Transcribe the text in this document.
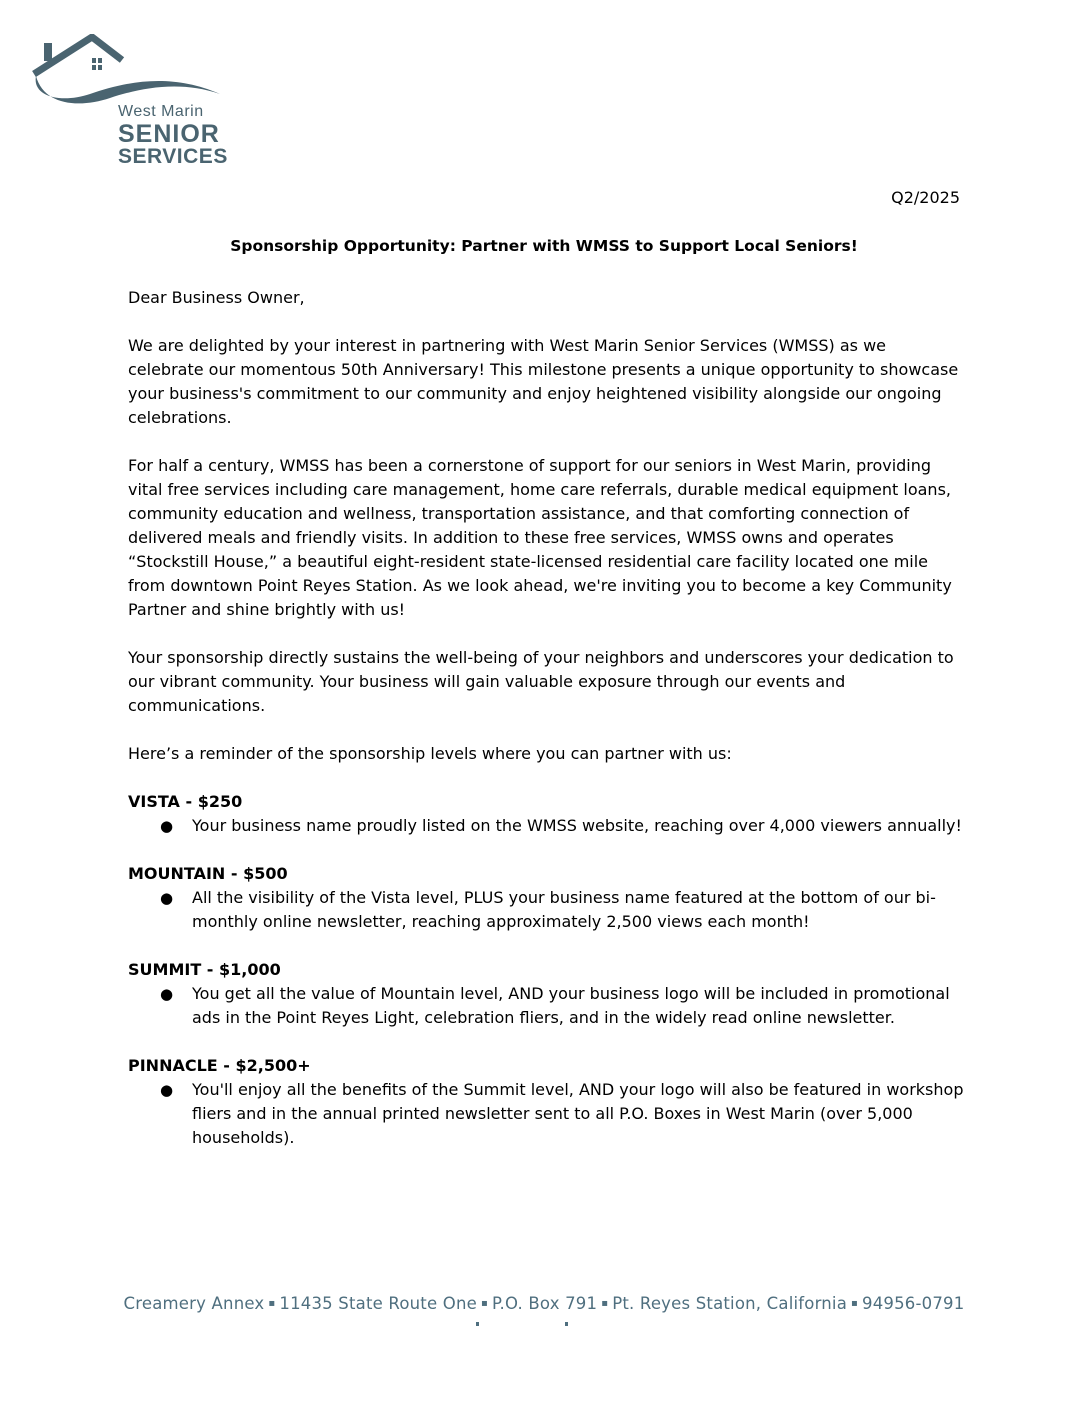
West Marin
SENIOR
SERVICES
Q2/2025
Sponsorship Opportunity: Partner with WMSS to Support Local Seniors!

Dear Business Owner,

We are delighted by your interest in partnering with West Marin Senior Services (WMSS) as we celebrate our momentous 50th Anniversary! This milestone presents a unique opportunity to showcase your business's commitment to our community and enjoy heightened visibility alongside our ongoing celebrations.

For half a century, WMSS has been a cornerstone of support for our seniors in West Marin, providing vital free services including care management, home care referrals, durable medical equipment loans, community education and wellness, transportation assistance, and that comforting connection of delivered meals and friendly visits. In addition to these free services, WMSS owns and operates “Stockstill House,” a beautiful eight-resident state-licensed residential care facility located one mile from downtown Point Reyes Station. As we look ahead, we're inviting you to become a key Community Partner and shine brightly with us!

Your sponsorship directly sustains the well-being of your neighbors and underscores your dedication to our vibrant community. Your business will gain valuable exposure through our events and communications.

Here’s a reminder of the sponsorship levels where you can partner with us:

VISTA - $250

● Your business name proudly listed on the WMSS website, reaching over 4,000 viewers annually!

MOUNTAIN - $500

● All the visibility of the Vista level, PLUS your business name featured at the bottom of our bi-monthly online newsletter, reaching approximately 2,500 views each month!

SUMMIT - $1,000

● You get all the value of Mountain level, AND your business logo will be included in promotional ads in the Point Reyes Light, celebration fliers, and in the widely read online newsletter.

PINNACLE - $2,500+

● You'll enjoy all the benefits of the Summit level, AND your logo will also be featured in workshop fliers and in the annual printed newsletter sent to all P.O. Boxes in West Marin (over 5,000 households).
Creamery Annex ▪ 11435 State Route One ▪ P.O. Box 791 ▪ Pt. Reyes Station, California ▪ 94956-0791
